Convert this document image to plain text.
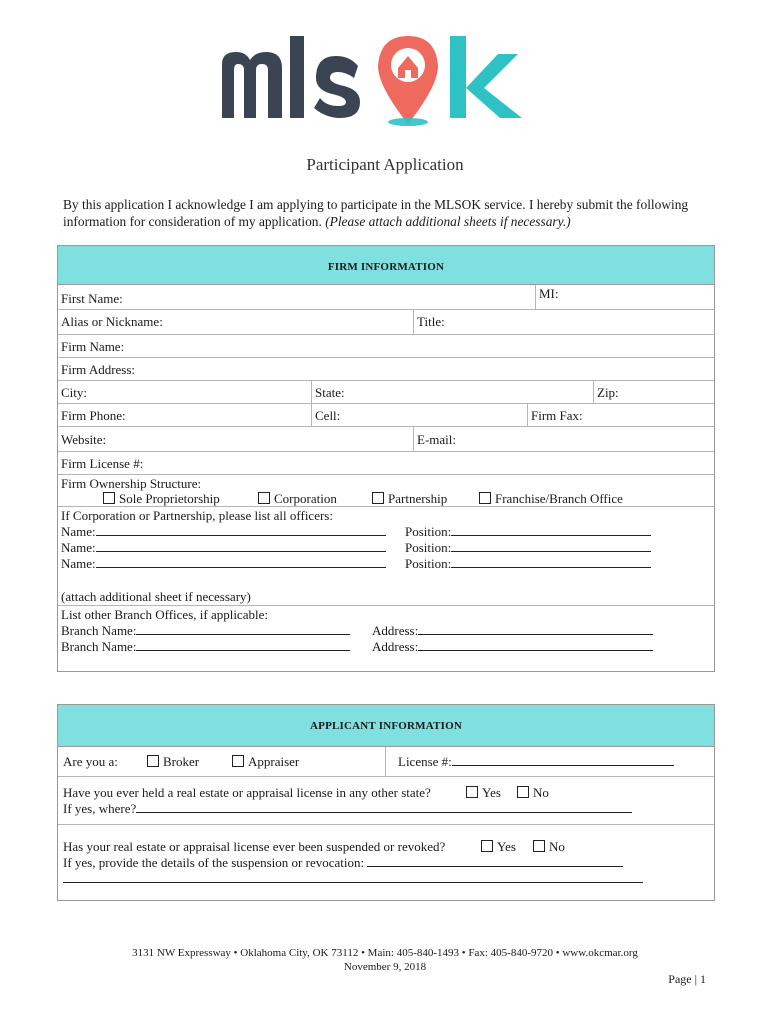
Participant Application
By this application I acknowledge I am applying to participate in the MLSOK service. I hereby submit the following information for consideration of my application. (Please attach additional sheets if necessary.)
FIRM INFORMATION
First Name:	MI:
Alias or Nickname:	Title:
Firm Name:
Firm Address:
City:	State:	Zip:
Firm Phone:	Cell:	Firm Fax:
Website:	E-mail:
Firm License #:
Firm Ownership Structure:
Sole Proprietorship	Corporation	Partnership	Franchise/Branch Office
If Corporation or Partnership, please list all officers:
Name:	Position:
Name:	Position:
Name:	Position:
(attach additional sheet if necessary)
List other Branch Offices, if applicable:
Branch Name:	Address:
Branch Name:	Address:
APPLICANT INFORMATION
Are you a:	Broker	Appraiser	License #:
Have you ever held a real estate or appraisal license in any other state?	Yes	No
If yes, where?
Has your real estate or appraisal license ever been suspended or revoked?	Yes	No
If yes, provide the details of the suspension or revocation:
3131 NW Expressway • Oklahoma City, OK 73112 • Main: 405-840-1493 • Fax: 405-840-9720 • www.okcmar.org
November 9, 2018
Page | 1
